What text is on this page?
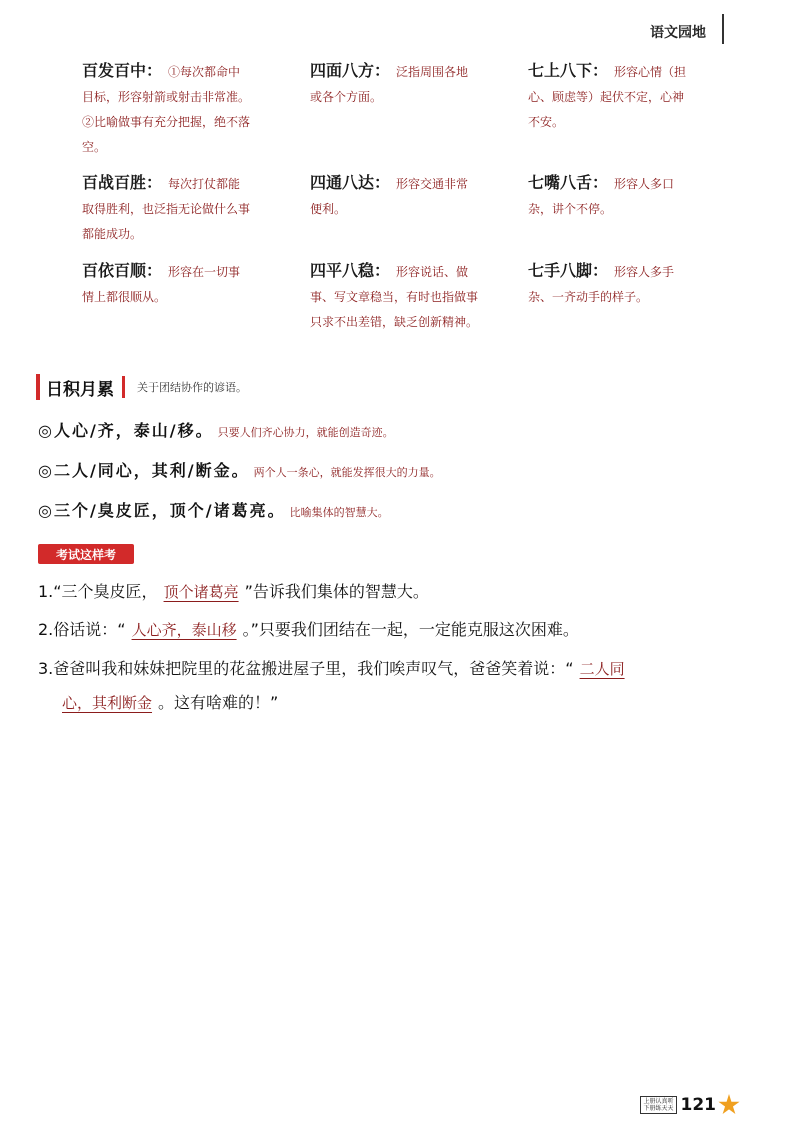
语文园地
百发百中： ①每次都命中目标，形容射箭或射击非常准。②比喻做事有充分把握，绝不落空。
四面八方： 泛指周围各地或各个方面。
七上八下： 形容心情（担心、顾虑等）起伏不定，心神不安。
百战百胜： 每次打仗都能取得胜利，也泛指无论做什么事都能成功。
四通八达： 形容交通非常便利。
七嘴八舌： 形容人多口杂，讲个不停。
百依百顺： 形容在一切事情上都很顺从。
四平八稳： 形容说话、做事、写文章稳当，有时也指做事只求不出差错，缺乏创新精神。
七手八脚： 形容人多手杂、一齐动手的样子。
日积月累 关于团结协作的谚语。
◎人心/齐，泰山/移。 只要人们齐心协力，就能创造奇迹。
◎二人/同心，其利/断金。 两个人一条心，就能发挥很大的力量。
◎三个/臭皮匠，顶个/诸葛亮。 比喻集体的智慧大。
考试这样考
1.“三个臭皮匠， 顶个诸葛亮 ”告诉我们集体的智慧大。
2.俗话说：“ 人心齐，泰山移 。”只要我们团结在一起，一定能克服这次困难。
3.爸爸叫我和妹妹把院里的花盆搬进屋子里，我们唉声叹气，爸爸笑着说：“ 二人同
心，其利断金 。这有啥难的！”
上册认真听
下册练天天 121
